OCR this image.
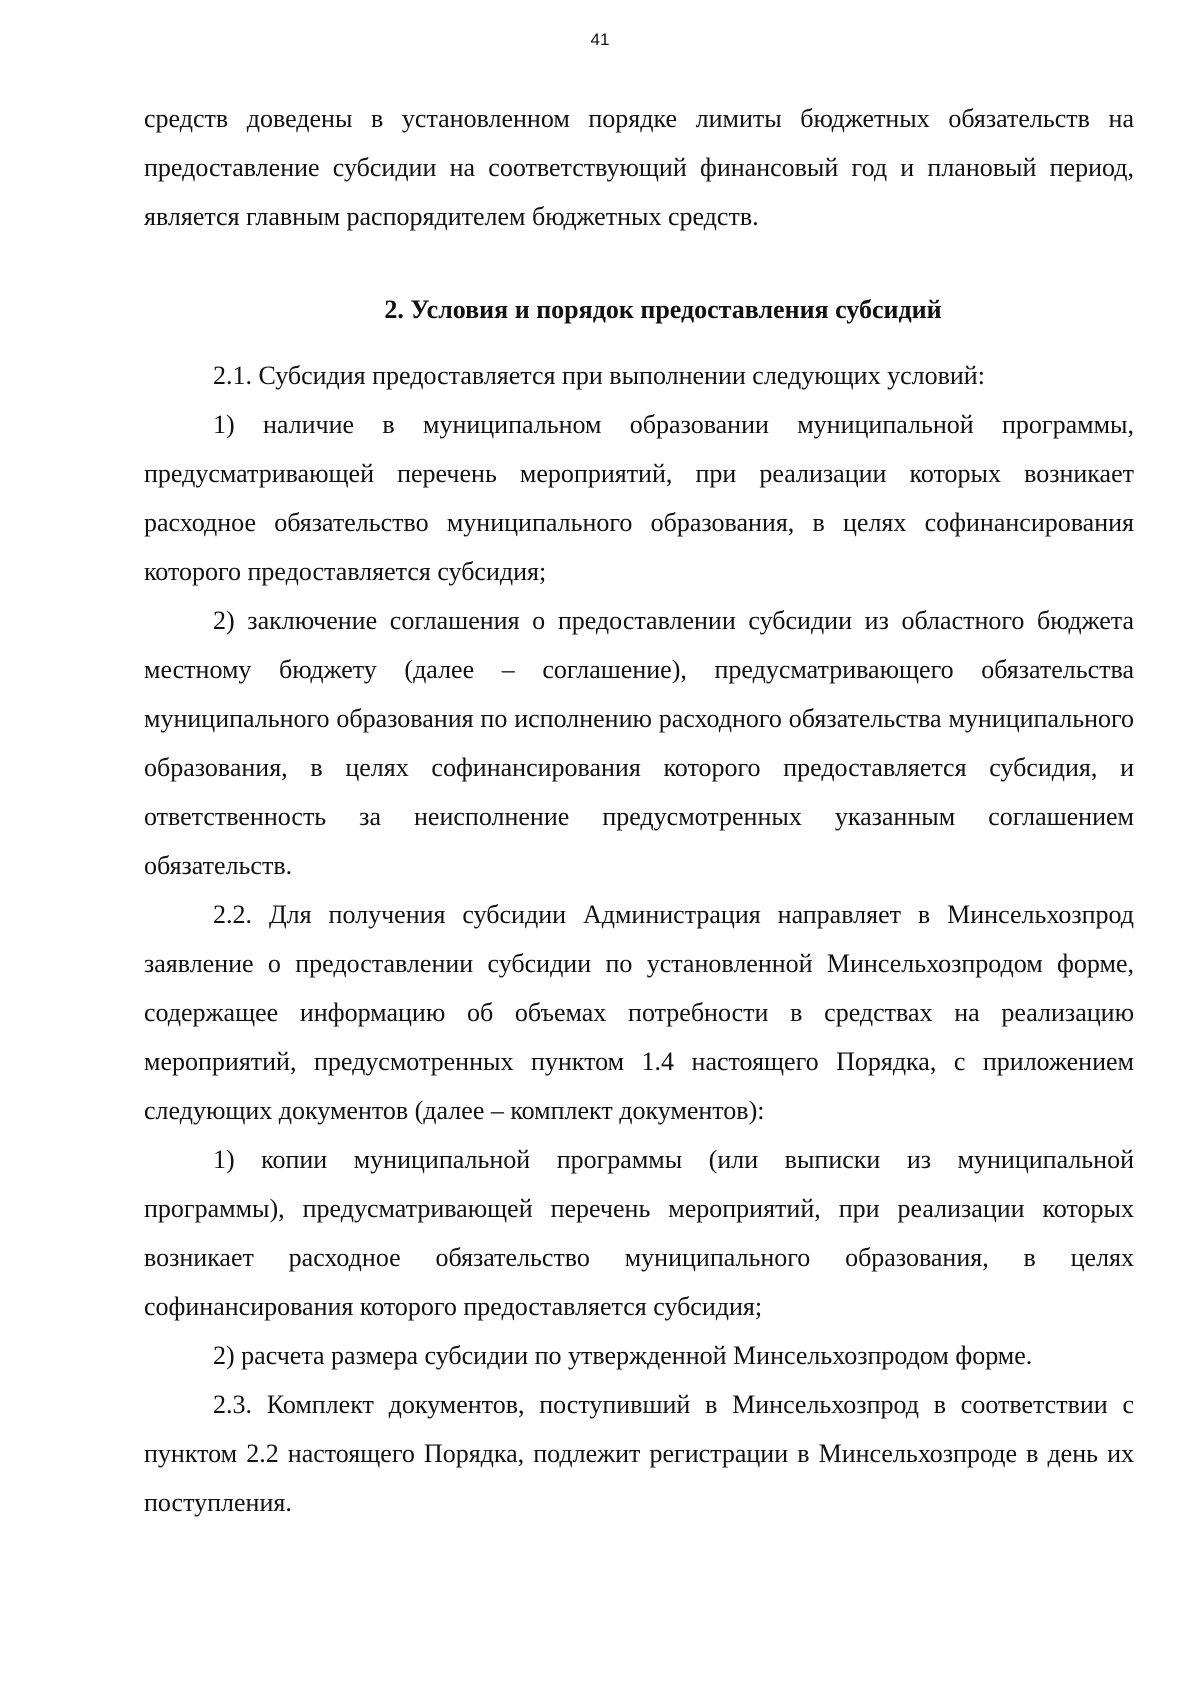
41

средств доведены в установленном порядке лимиты бюджетных обязательств на предоставление субсидии на соответствующий финансовый год и плановый период, является главным распорядителем бюджетных средств.

2. Условия и порядок предоставления субсидий

2.1. Субсидия предоставляется при выполнении следующих условий:

1) наличие в муниципальном образовании муниципальной программы, предусматривающей перечень мероприятий, при реализации которых возникает расходное обязательство муниципального образования, в целях софинансирования которого предоставляется субсидия;

2) заключение соглашения о предоставлении субсидии из областного бюджета местному бюджету (далее – соглашение), предусматривающего обязательства муниципального образования по исполнению расходного обязательства муниципального образования, в целях софинансирования которого предоставляется субсидия, и ответственность за неисполнение предусмотренных указанным соглашением обязательств.

2.2. Для получения субсидии Администрация направляет в Минсельхозпрод заявление о предоставлении субсидии по установленной Минсельхозпродом форме, содержащее информацию об объемах потребности в средствах на реализацию мероприятий, предусмотренных пунктом 1.4 настоящего Порядка, с приложением следующих документов (далее – комплект документов):

1) копии муниципальной программы (или выписки из муниципальной программы), предусматривающей перечень мероприятий, при реализации которых возникает расходное обязательство муниципального образования, в целях софинансирования которого предоставляется субсидия;

2) расчета размера субсидии по утвержденной Минсельхозпродом форме.

2.3. Комплект документов, поступивший в Минсельхозпрод в соответствии с пунктом 2.2 настоящего Порядка, подлежит регистрации в Минсельхозпроде в день их поступления.
